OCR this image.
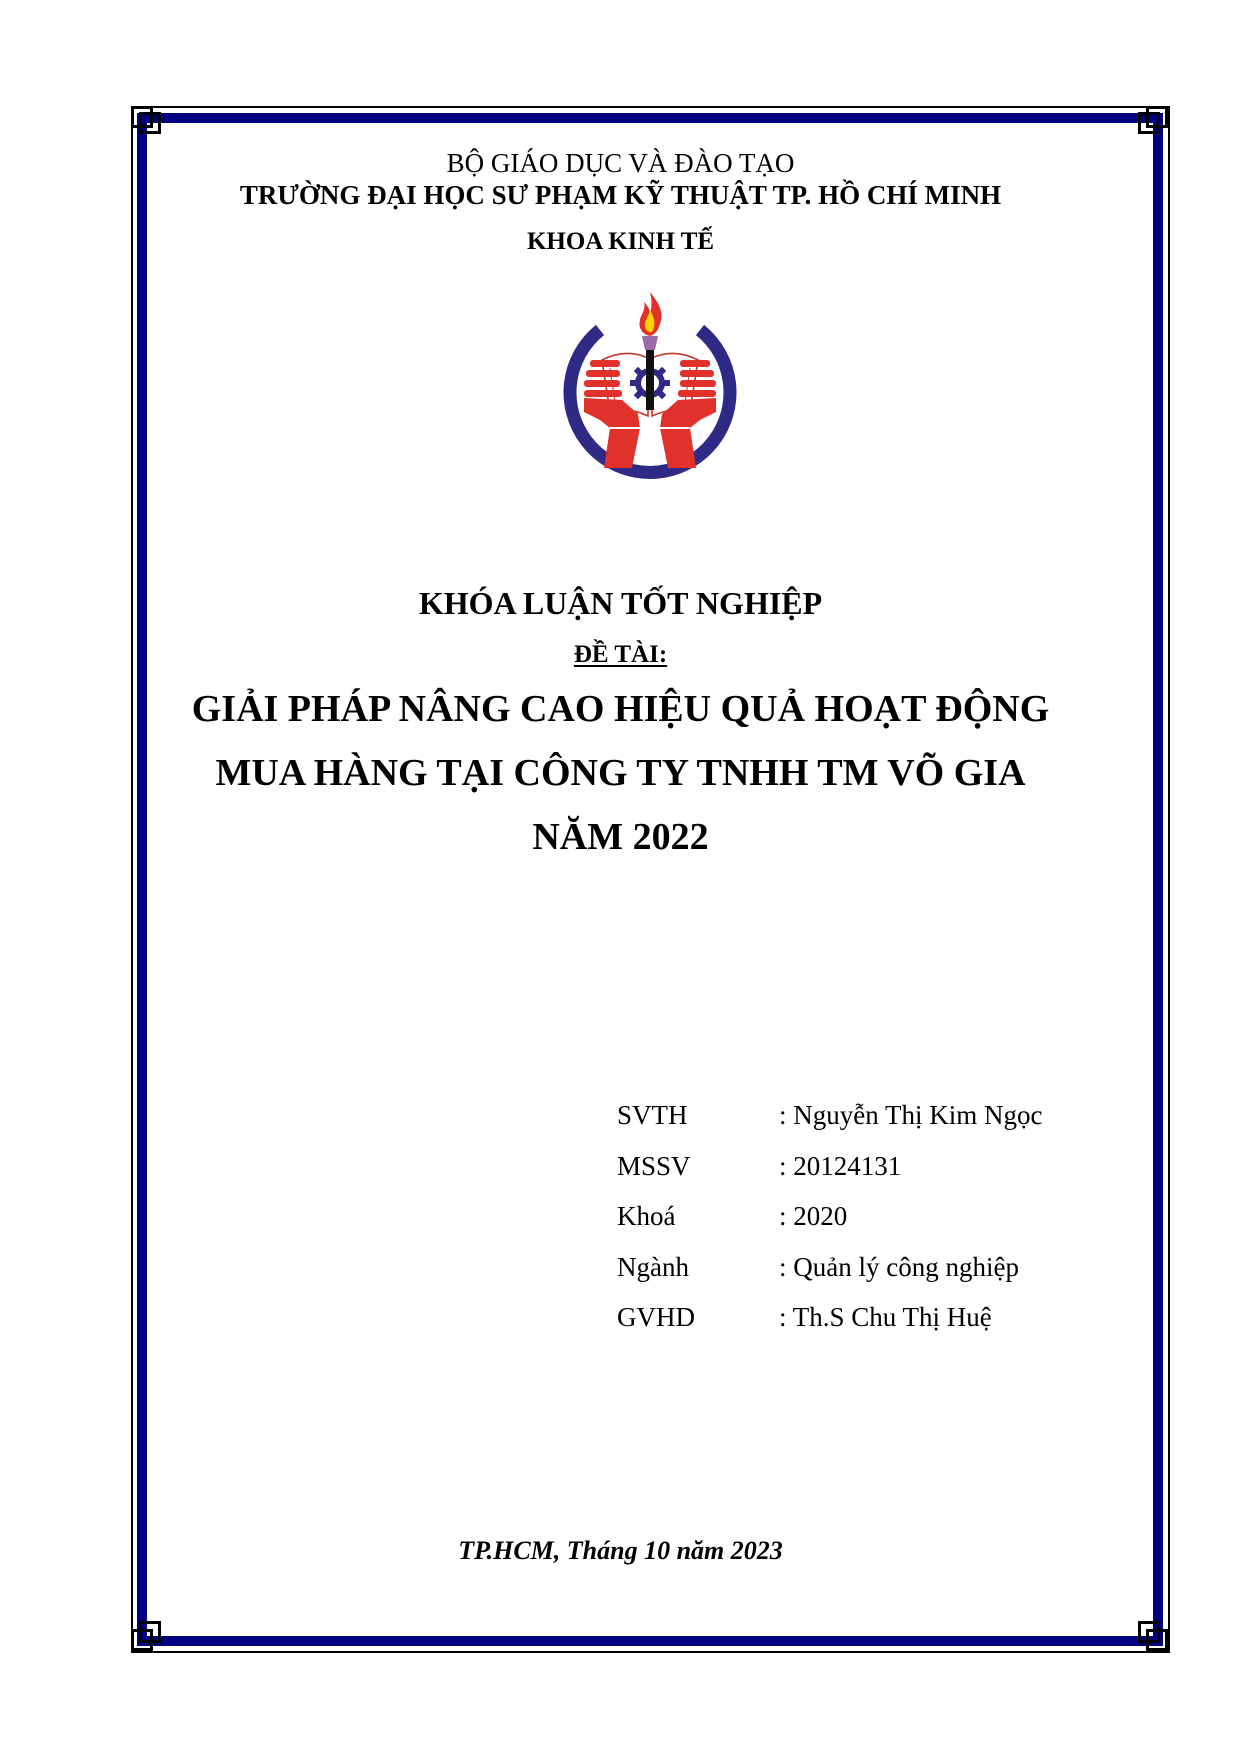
BỘ GIÁO DỤC VÀ ĐÀO TẠO
TRƯỜNG ĐẠI HỌC SƯ PHẠM KỸ THUẬT TP. HỒ CHÍ MINH
KHOA KINH TẾ
KHÓA LUẬN TỐT NGHIỆP
ĐỀ TÀI:
GIẢI PHÁP NÂNG CAO HIỆU QUẢ HOẠT ĐỘNG
MUA HÀNG TẠI CÔNG TY TNHH TM VÕ GIA
NĂM 2022
SVTH	: Nguyễn Thị Kim Ngọc
MSSV	: 20124131
Khoá	: 2020
Ngành	: Quản lý công nghiệp
GVHD	: Th.S Chu Thị Huệ
TP.HCM, Tháng 10 năm 2023
